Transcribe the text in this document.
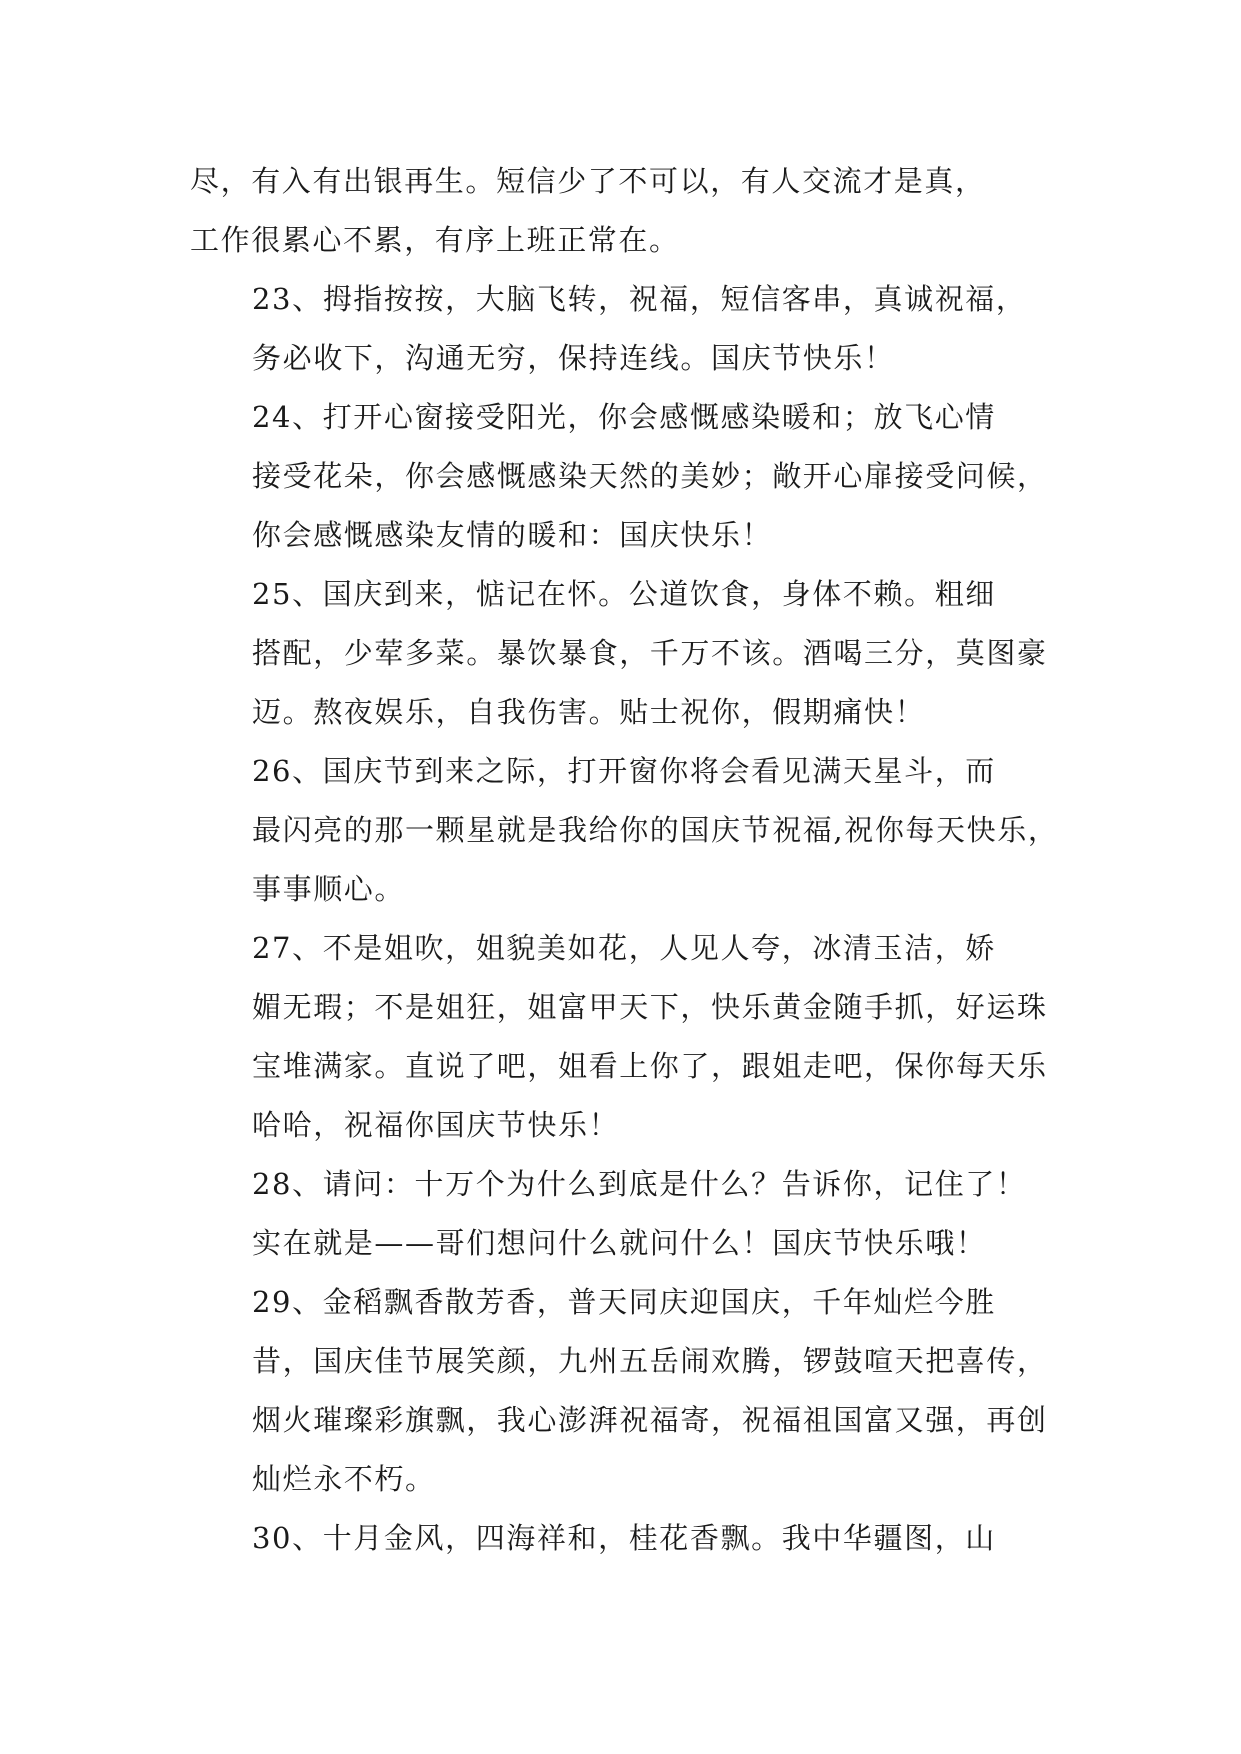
尽，有入有出银再生。短信少了不可以，有人交流才是真，
工作很累心不累，有序上班正常在。

23、拇指按按，大脑飞转，祝福，短信客串，真诚祝福，
务必收下，沟通无穷，保持连线。国庆节快乐！

24、打开心窗接受阳光，你会感慨感染暖和；放飞心情
接受花朵，你会感慨感染天然的美妙；敞开心扉接受问候，
你会感慨感染友情的暖和：国庆快乐！

25、国庆到来，惦记在怀。公道饮食，身体不赖。粗细
搭配，少荤多菜。暴饮暴食，千万不该。酒喝三分，莫图豪
迈。熬夜娱乐，自我伤害。贴士祝你，假期痛快！

26、国庆节到来之际，打开窗你将会看见满天星斗，而
最闪亮的那一颗星就是我给你的国庆节祝福,祝你每天快乐，
事事顺心。

27、不是姐吹，姐貌美如花，人见人夸，冰清玉洁，娇
媚无瑕；不是姐狂，姐富甲天下，快乐黄金随手抓，好运珠
宝堆满家。直说了吧，姐看上你了，跟姐走吧，保你每天乐
哈哈，祝福你国庆节快乐！

28、请问：十万个为什么到底是什么？告诉你，记住了！
实在就是——哥们想问什么就问什么！国庆节快乐哦！

29、金稻飘香散芳香，普天同庆迎国庆，千年灿烂今胜
昔，国庆佳节展笑颜，九州五岳闹欢腾，锣鼓喧天把喜传，
烟火璀璨彩旗飘，我心澎湃祝福寄，祝福祖国富又强，再创
灿烂永不朽。

30、十月金风，四海祥和，桂花香飘。我中华疆图，山
